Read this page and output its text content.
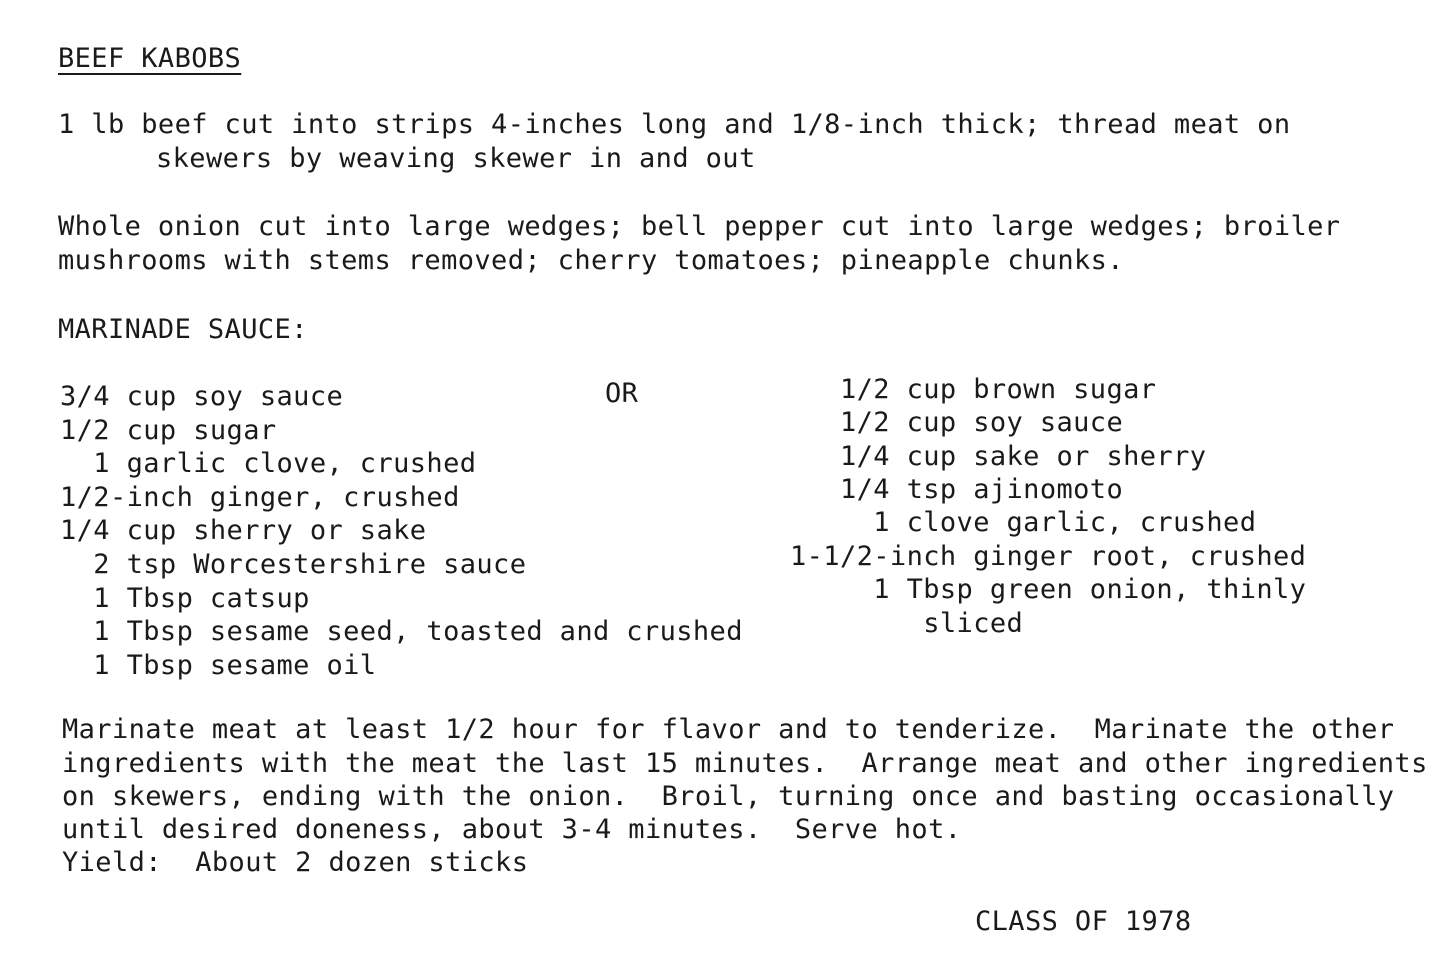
BEEF KABOBS
1 lb beef cut into strips 4-inches long and 1/8-inch thick; thread meat on
skewers by weaving skewer in and out
Whole onion cut into large wedges; bell pepper cut into large wedges; broiler
mushrooms with stems removed; cherry tomatoes; pineapple chunks.
MARINADE SAUCE:
OR
3/4 cup soy sauce
1/2 cup sugar
1 garlic clove, crushed
1/2-inch ginger, crushed
1/4 cup sherry or sake
2 tsp Worcestershire sauce
1 Tbsp catsup
1 Tbsp sesame seed, toasted and crushed
1 Tbsp sesame oil
1/2 cup brown sugar
1/2 cup soy sauce
1/4 cup sake or sherry
1/4 tsp ajinomoto
1 clove garlic, crushed
1-1/2-inch ginger root, crushed
1 Tbsp green onion, thinly
sliced
Marinate meat at least 1/2 hour for flavor and to tenderize.  Marinate the other
ingredients with the meat the last 15 minutes.  Arrange meat and other ingredients
on skewers, ending with the onion.  Broil, turning once and basting occasionally
until desired doneness, about 3-4 minutes.  Serve hot.
Yield:  About 2 dozen sticks
CLASS OF 1978
